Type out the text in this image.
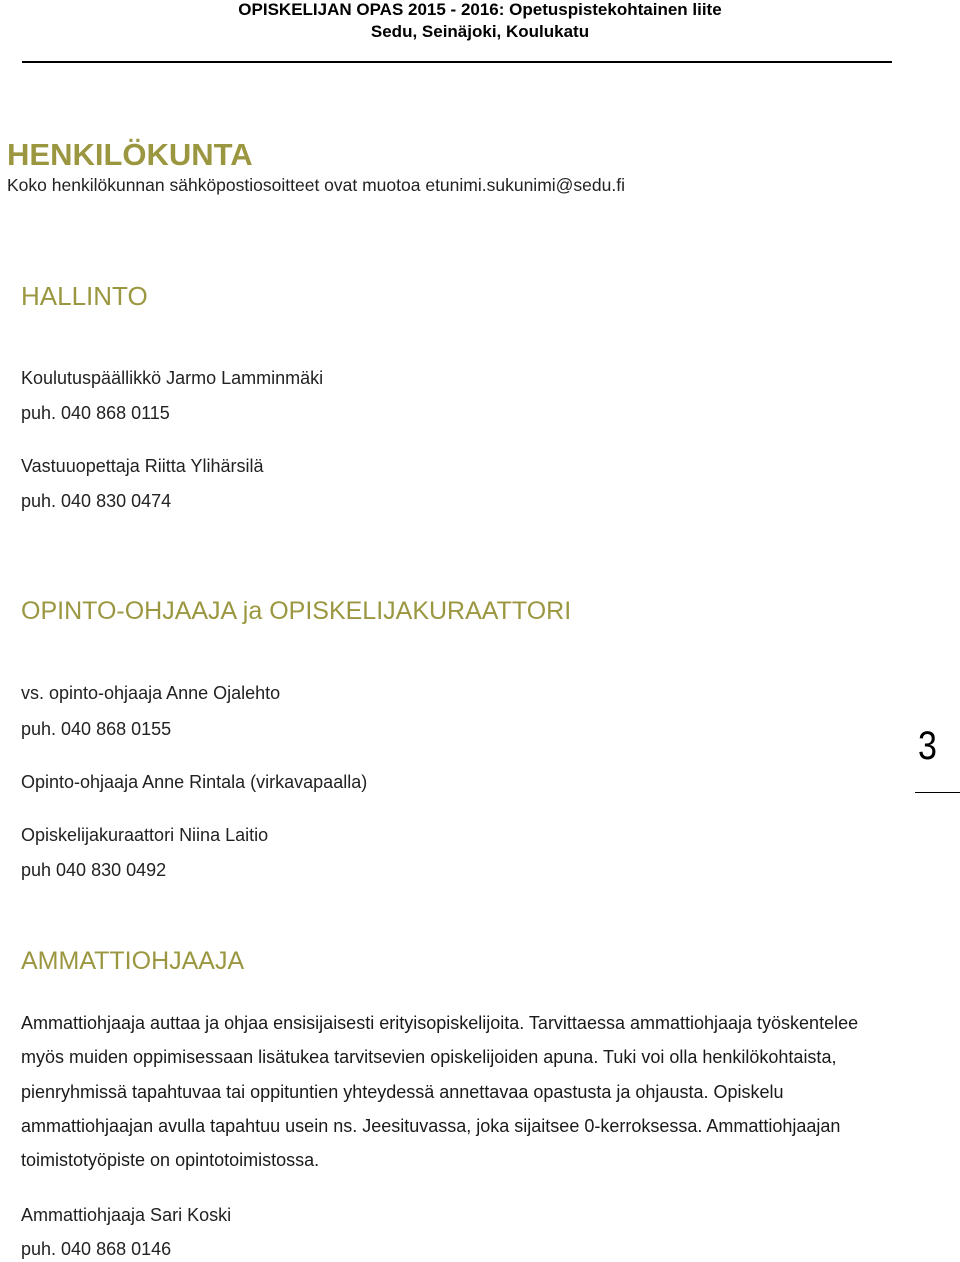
OPISKELIJAN OPAS 2015 - 2016: Opetuspistekohtainen liite
Sedu, Seinäjoki, Koulukatu
HENKILÖKUNTA
Koko henkilökunnan sähköpostiosoitteet ovat muotoa etunimi.sukunimi@sedu.fi
HALLINTO
Koulutuspäällikkö Jarmo Lamminmäki
puh. 040 868 0115
Vastuuopettaja Riitta Ylihärsilä
puh. 040 830 0474
OPINTO-OHJAAJA ja OPISKELIJAKURAATTORI
vs. opinto-ohjaaja Anne Ojalehto
puh. 040 868 0155
Opinto-ohjaaja Anne Rintala (virkavapaalla)
Opiskelijakuraattori Niina Laitio
puh 040 830 0492
3
AMMATTIOHJAAJA
Ammattiohjaaja auttaa ja ohjaa ensisijaisesti erityisopiskelijoita. Tarvittaessa ammattiohjaaja työskentelee myös muiden oppimisessaan lisätukea tarvitsevien opiskelijoiden apuna. Tuki voi olla henkilökohtaista, pienryhmissä tapahtuvaa tai oppituntien yhteydessä annettavaa opastusta ja ohjausta. Opiskelu ammattiohjaajan avulla tapahtuu usein ns. Jeesituvassa, joka sijaitsee 0-kerroksessa. Ammattiohjaajan toimistotyöpiste on opintotoimistossa.
Ammattiohjaaja Sari Koski
puh. 040 868 0146
